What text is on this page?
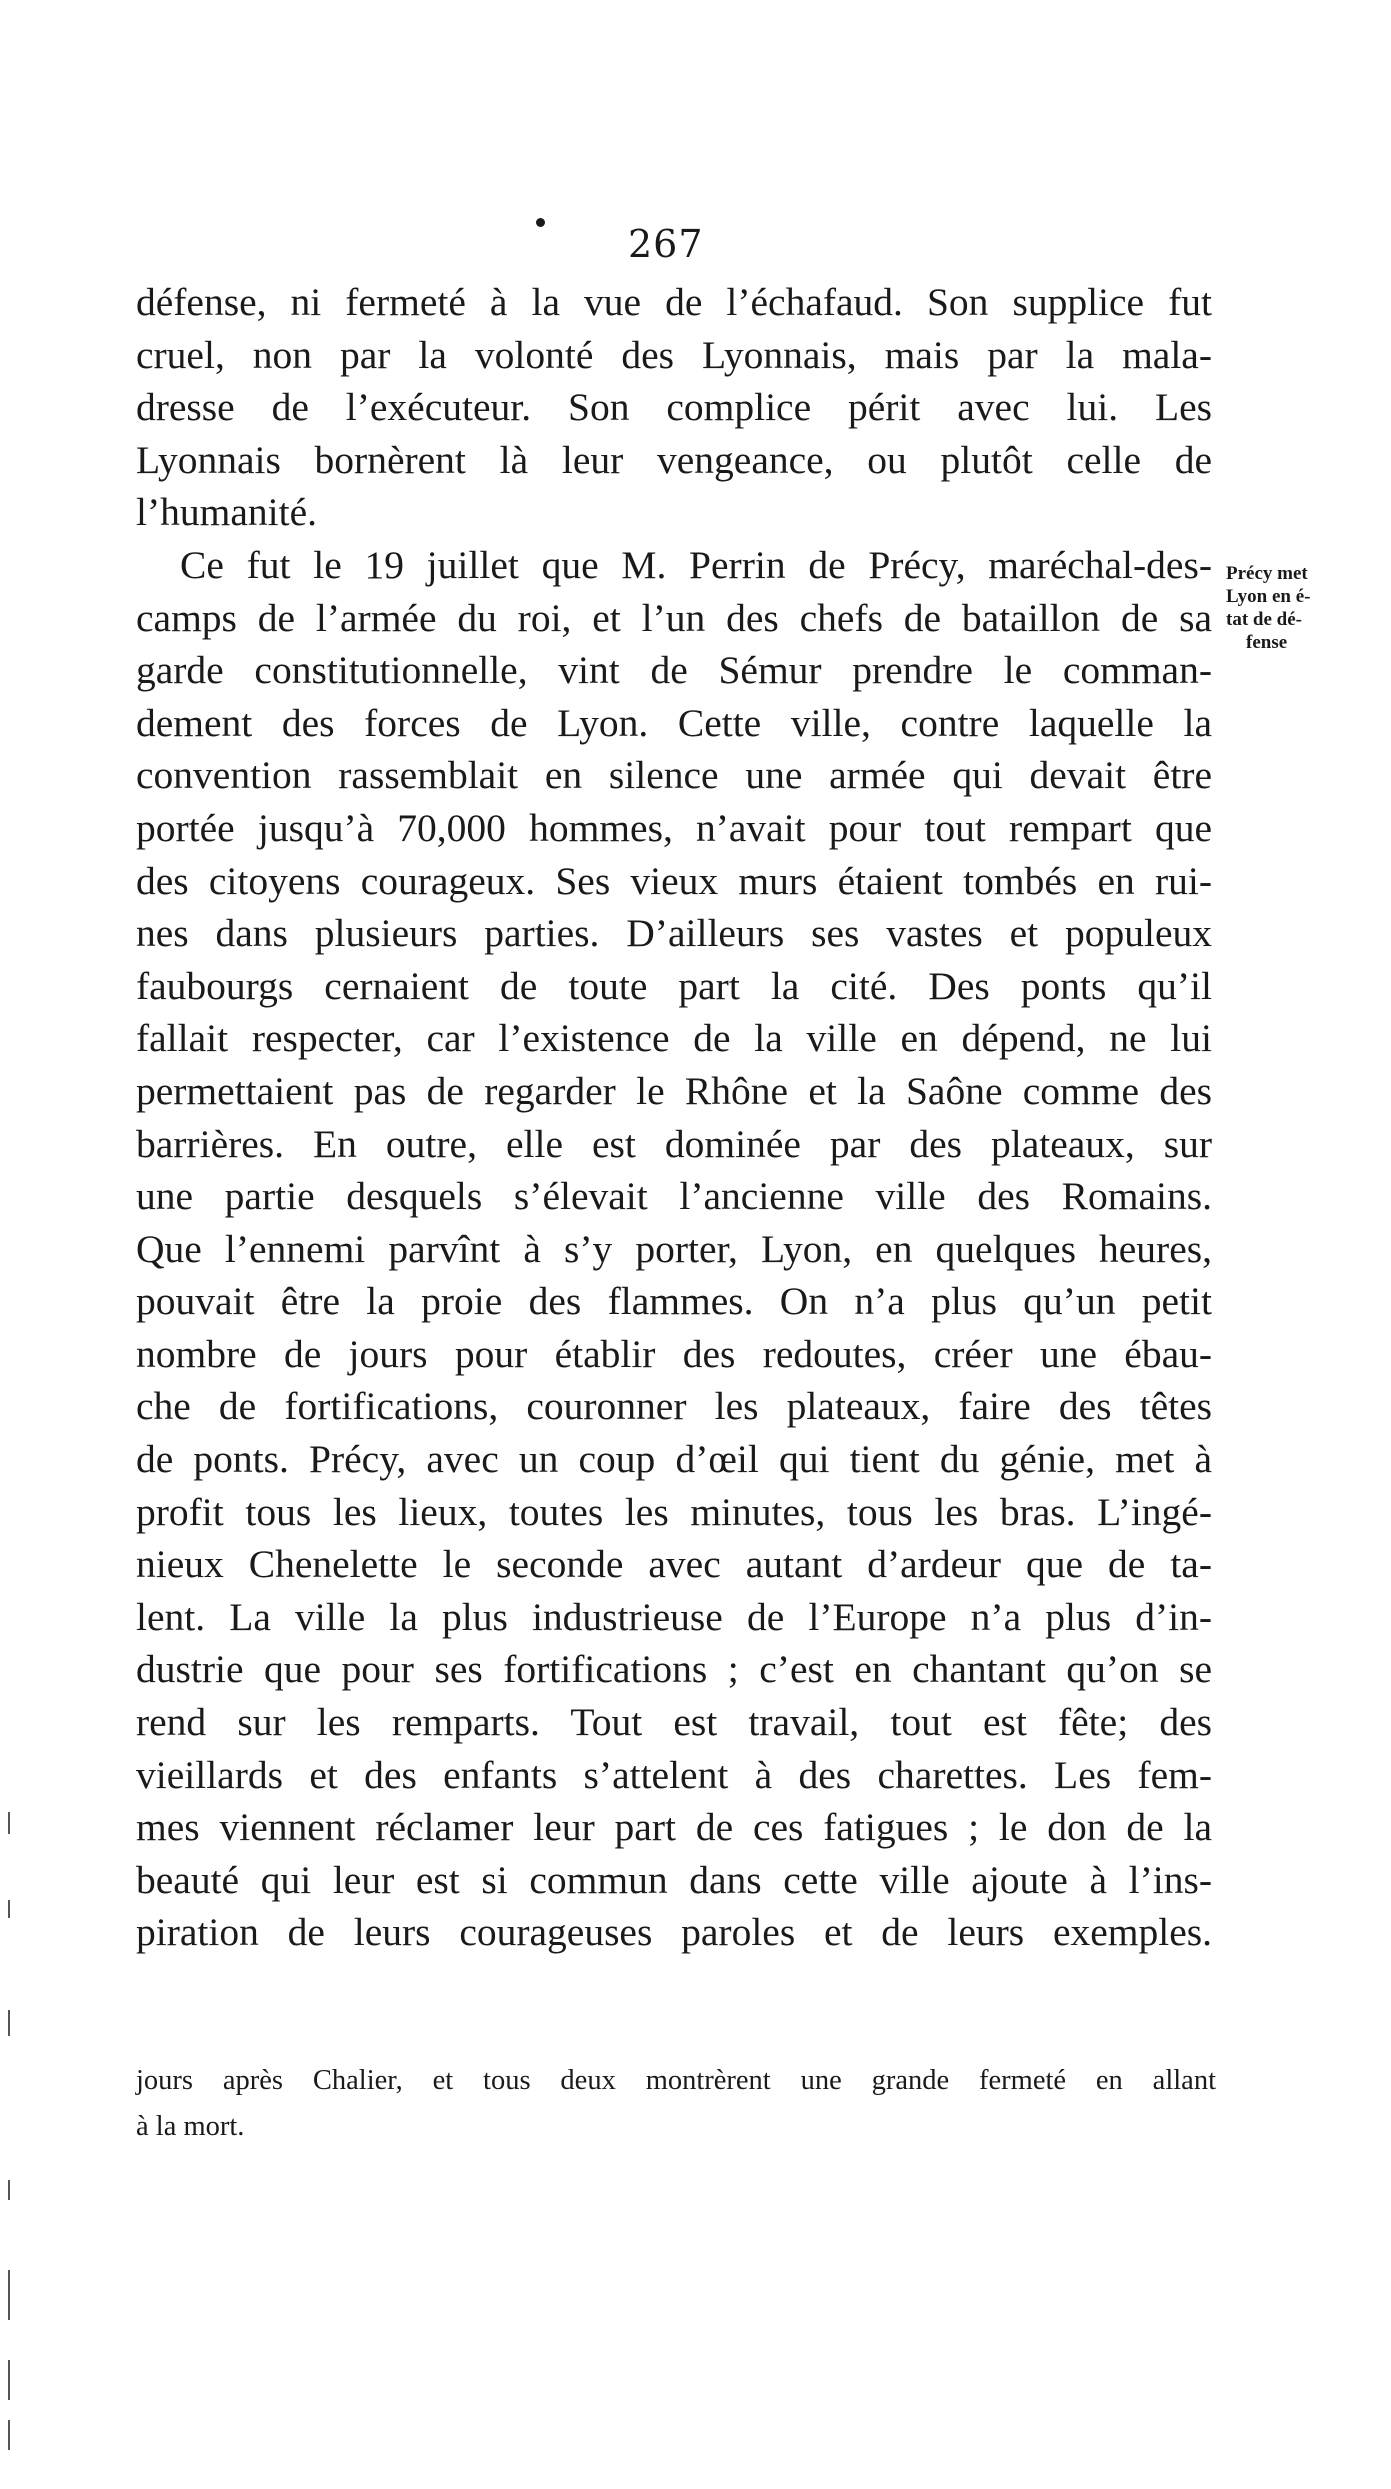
267
défense, ni fermeté à la vue de l’échafaud. Son supplice fut
cruel, non par la volonté des Lyonnais, mais par la mala-
dresse de l’exécuteur. Son complice périt avec lui. Les
Lyonnais bornèrent là leur vengeance, ou plutôt celle de
l’humanité.
Ce fut le 19 juillet que M. Perrin de Précy, maréchal-des-
camps de l’armée du roi, et l’un des chefs de bataillon de sa
garde constitutionnelle, vint de Sémur prendre le comman-
dement des forces de Lyon. Cette ville, contre laquelle la
convention rassemblait en silence une armée qui devait être
portée jusqu’à 70,000 hommes, n’avait pour tout rempart que
des citoyens courageux. Ses vieux murs étaient tombés en rui-
nes dans plusieurs parties. D’ailleurs ses vastes et populeux
faubourgs cernaient de toute part la cité. Des ponts qu’il
fallait respecter, car l’existence de la ville en dépend, ne lui
permettaient pas de regarder le Rhône et la Saône comme des
barrières. En outre, elle est dominée par des plateaux, sur
une partie desquels s’élevait l’ancienne ville des Romains.
Que l’ennemi parvînt à s’y porter, Lyon, en quelques heures,
pouvait être la proie des flammes. On n’a plus qu’un petit
nombre de jours pour établir des redoutes, créer une ébau-
che de fortifications, couronner les plateaux, faire des têtes
de ponts. Précy, avec un coup d’œil qui tient du génie, met à
profit tous les lieux, toutes les minutes, tous les bras. L’ingé-
nieux Chenelette le seconde avec autant d’ardeur que de ta-
lent. La ville la plus industrieuse de l’Europe n’a plus d’in-
dustrie que pour ses fortifications ; c’est en chantant qu’on se
rend sur les remparts. Tout est travail, tout est fête; des
vieillards et des enfants s’attelent à des charettes. Les fem-
mes viennent réclamer leur part de ces fatigues ; le don de la
beauté qui leur est si commun dans cette ville ajoute à l’ins-
piration de leurs courageuses paroles et de leurs exemples.
Précy met
Lyon en é-
tat de dé-
fense
jours après Chalier, et tous deux montrèrent une grande fermeté en allant
à la mort.
